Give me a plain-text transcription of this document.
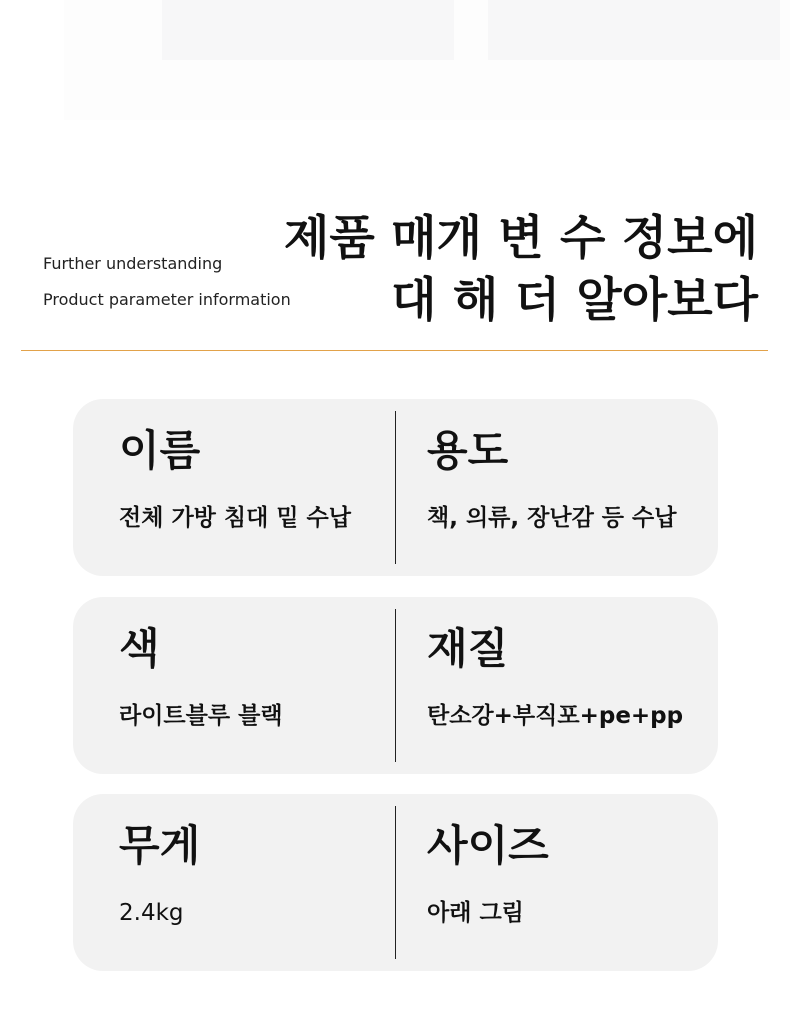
Further understanding
Product parameter information
제품 매개 변 수 정보에
대 해 더 알아보다
이름
전체 가방 침대 밑 수납
용도
책, 의류, 장난감 등 수납
색
라이트블루 블랙
재질
탄소강+부직포+pe+pp
무게
2.4kg
사이즈
아래 그림
